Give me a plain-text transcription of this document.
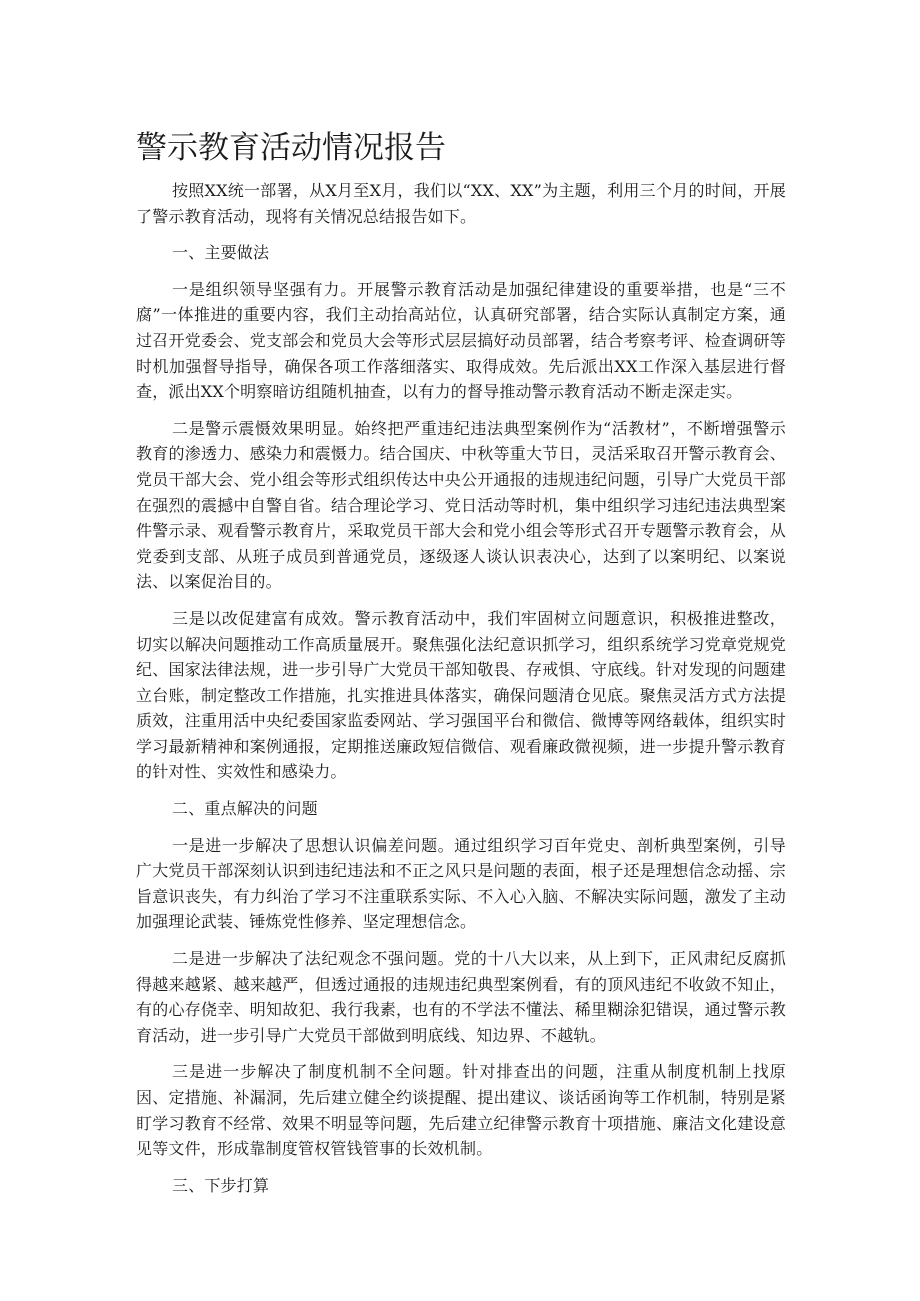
警示教育活动情况报告

按照XX统一部署，从X月至X月，我们以“XX、XX”为主题，利用三个月的时间，开展了警示教育活动，现将有关情况总结报告如下。

一、主要做法

一是组织领导坚强有力。开展警示教育活动是加强纪律建设的重要举措，也是“三不腐”一体推进的重要内容，我们主动抬高站位，认真研究部署，结合实际认真制定方案，通过召开党委会、党支部会和党员大会等形式层层搞好动员部署，结合考察考评、检查调研等时机加强督导指导，确保各项工作落细落实、取得成效。先后派出XX工作深入基层进行督查，派出XX个明察暗访组随机抽查，以有力的督导推动警示教育活动不断走深走实。

二是警示震慑效果明显。始终把严重违纪违法典型案例作为“活教材”，不断增强警示教育的渗透力、感染力和震慑力。结合国庆、中秋等重大节日，灵活采取召开警示教育会、党员干部大会、党小组会等形式组织传达中央公开通报的违规违纪问题，引导广大党员干部在强烈的震撼中自警自省。结合理论学习、党日活动等时机，集中组织学习违纪违法典型案件警示录、观看警示教育片，采取党员干部大会和党小组会等形式召开专题警示教育会，从党委到支部、从班子成员到普通党员，逐级逐人谈认识表决心，达到了以案明纪、以案说法、以案促治目的。

三是以改促建富有成效。警示教育活动中，我们牢固树立问题意识，积极推进整改，切实以解决问题推动工作高质量展开。聚焦强化法纪意识抓学习，组织系统学习党章党规党纪、国家法律法规，进一步引导广大党员干部知敬畏、存戒惧、守底线。针对发现的问题建立台账，制定整改工作措施，扎实推进具体落实，确保问题清仓见底。聚焦灵活方式方法提质效，注重用活中央纪委国家监委网站、学习强国平台和微信、微博等网络载体，组织实时学习最新精神和案例通报，定期推送廉政短信微信、观看廉政微视频，进一步提升警示教育的针对性、实效性和感染力。

二、重点解决的问题

一是进一步解决了思想认识偏差问题。通过组织学习百年党史、剖析典型案例，引导广大党员干部深刻认识到违纪违法和不正之风只是问题的表面，根子还是理想信念动摇、宗旨意识丧失，有力纠治了学习不注重联系实际、不入心入脑、不解决实际问题，激发了主动加强理论武装、锤炼党性修养、坚定理想信念。

二是进一步解决了法纪观念不强问题。党的十八大以来，从上到下，正风肃纪反腐抓得越来越紧、越来越严，但透过通报的违规违纪典型案例看，有的顶风违纪不收敛不知止，有的心存侥幸、明知故犯、我行我素，也有的不学法不懂法、稀里糊涂犯错误，通过警示教育活动，进一步引导广大党员干部做到明底线、知边界、不越轨。

三是进一步解决了制度机制不全问题。针对排查出的问题，注重从制度机制上找原因、定措施、补漏洞，先后建立健全约谈提醒、提出建议、谈话函询等工作机制，特别是紧盯学习教育不经常、效果不明显等问题，先后建立纪律警示教育十项措施、廉洁文化建设意见等文件，形成靠制度管权管钱管事的长效机制。

三、下步打算
